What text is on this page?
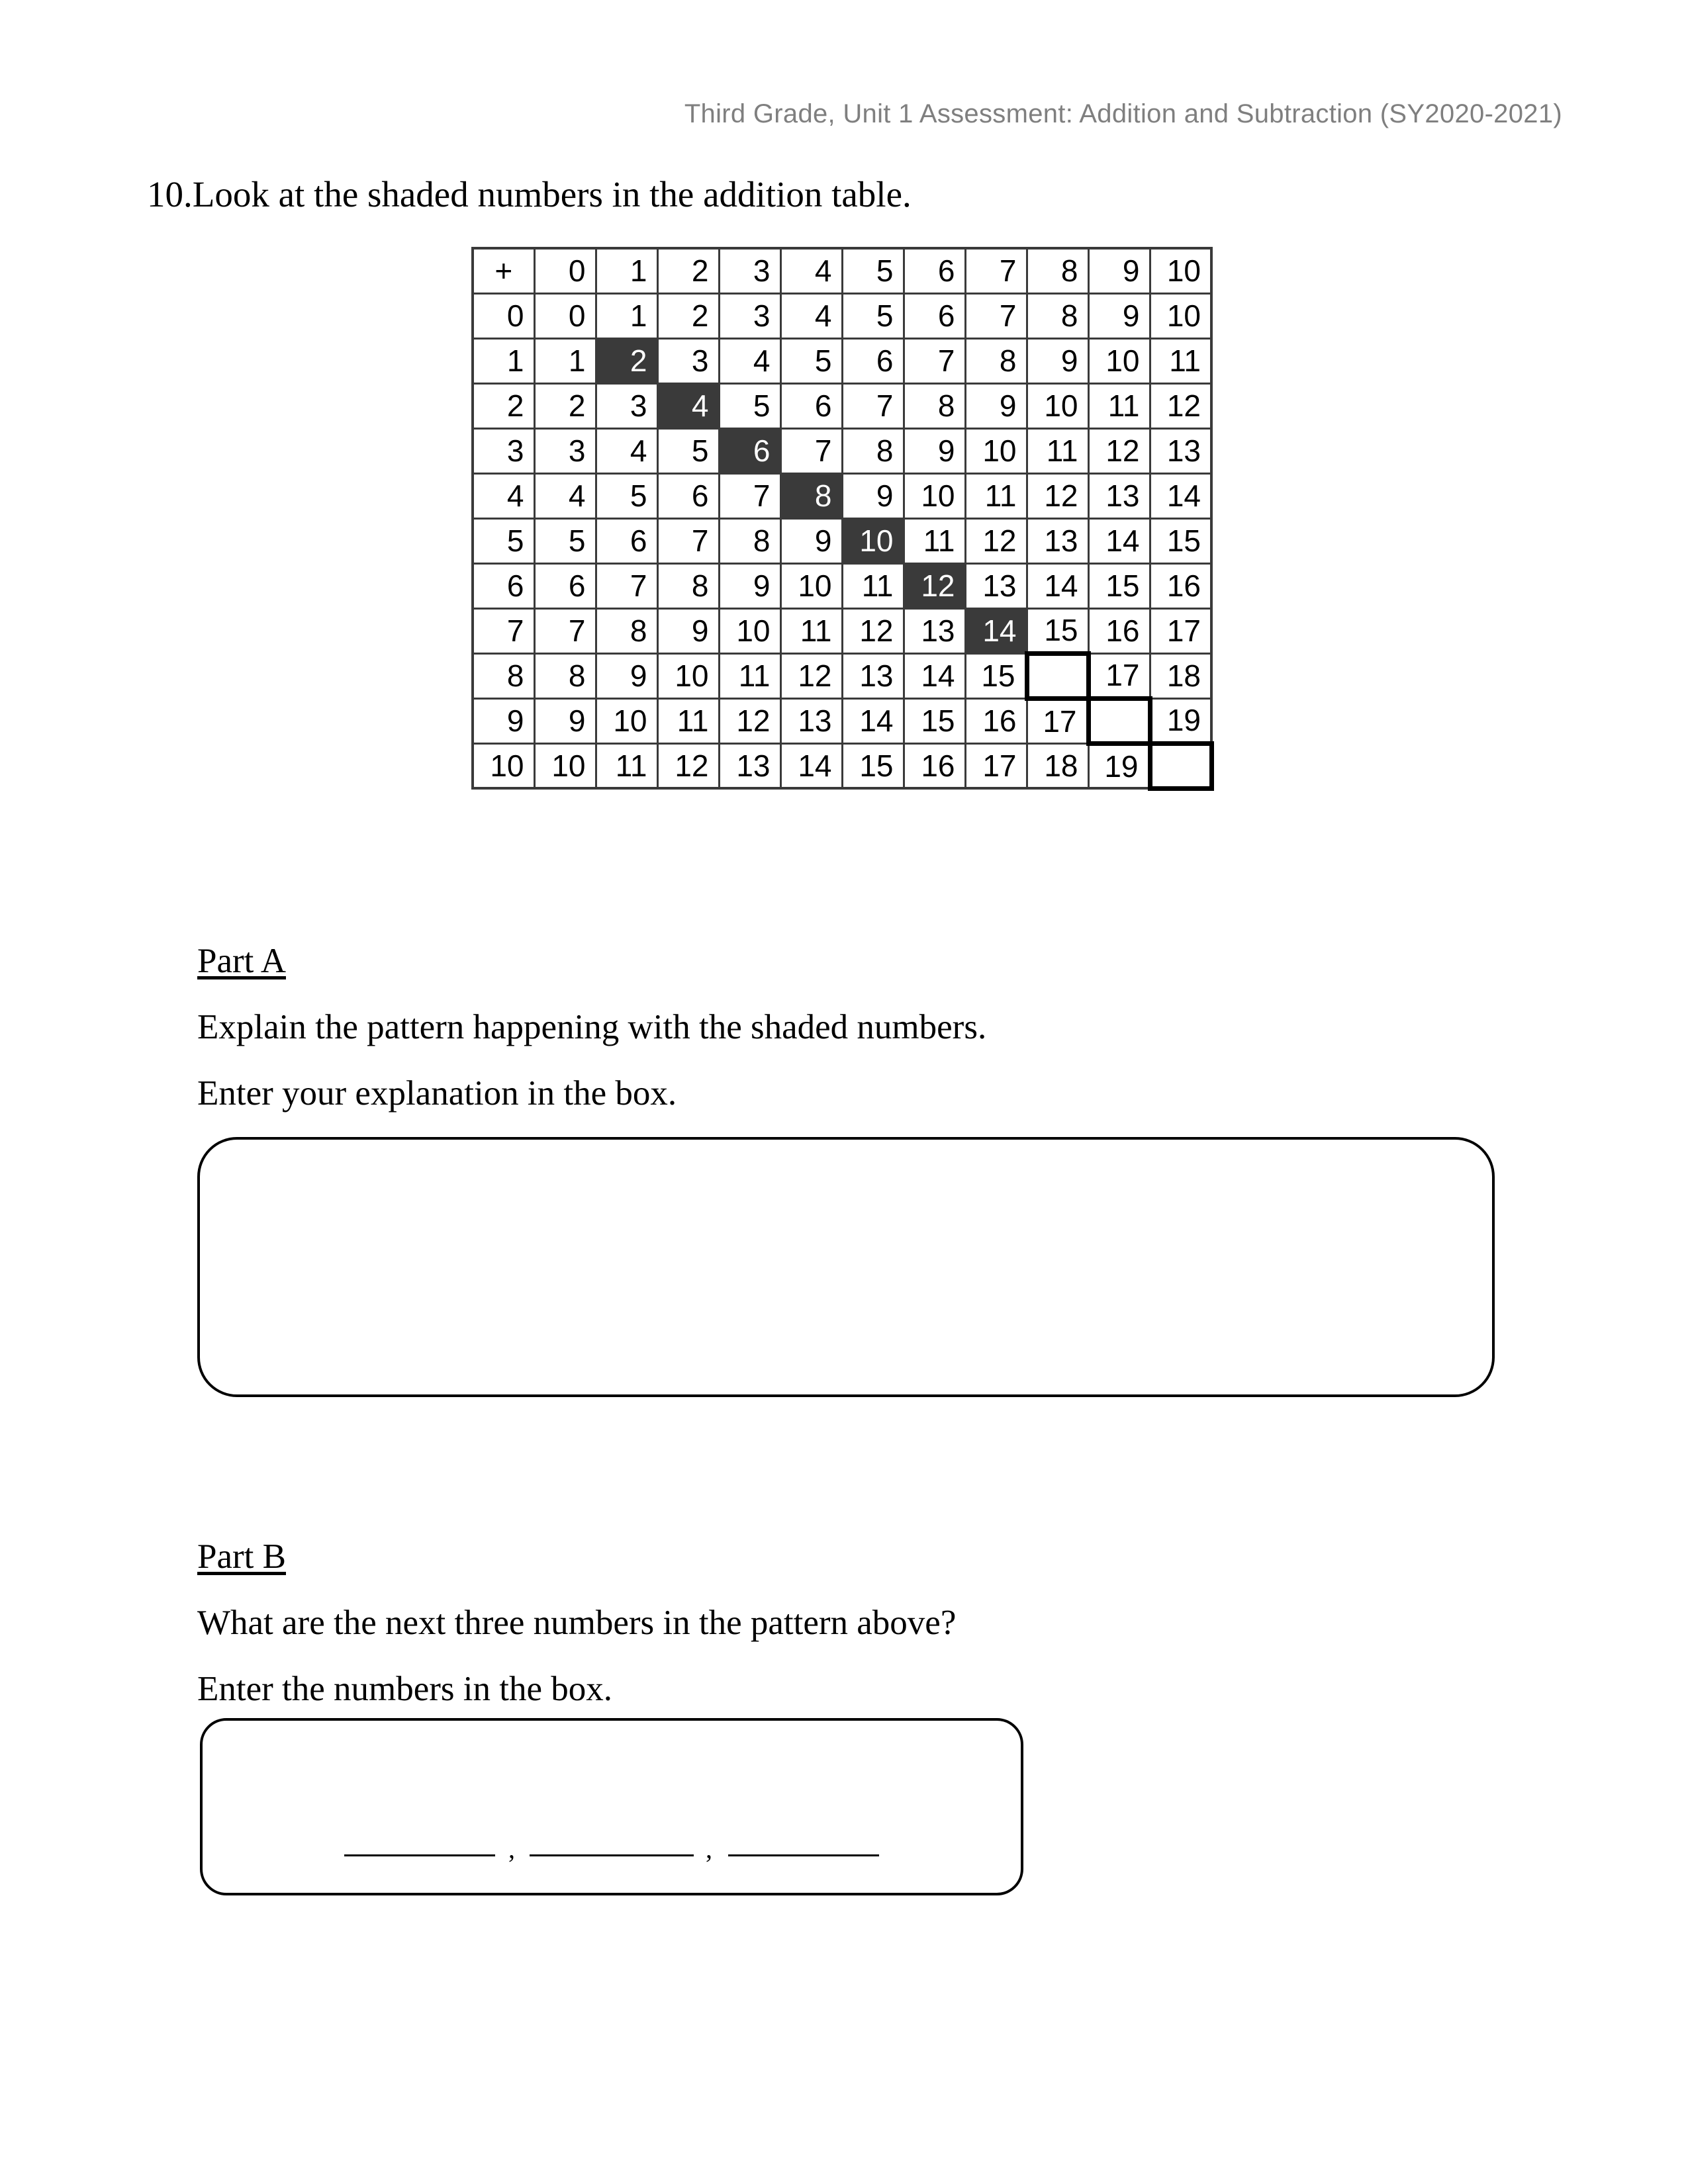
Third Grade, Unit 1 Assessment: Addition and Subtraction (SY2020-2021)
10.Look at the shaded numbers in the addition table.
+	0	1	2	3	4	5	6	7	8	9	10
0	0	1	2	3	4	5	6	7	8	9	10
1	1	2	3	4	5	6	7	8	9	10	11
2	2	3	4	5	6	7	8	9	10	11	12
3	3	4	5	6	7	8	9	10	11	12	13
4	4	5	6	7	8	9	10	11	12	13	14
5	5	6	7	8	9	10	11	12	13	14	15
6	6	7	8	9	10	11	12	13	14	15	16
7	7	8	9	10	11	12	13	14	15	16	17
8	8	9	10	11	12	13	14	15		17	18
9	9	10	11	12	13	14	15	16	17		19
10	10	11	12	13	14	15	16	17	18	19	
Part A
Explain the pattern happening with the shaded numbers.
Enter your explanation in the box.
Part B
What are the next three numbers in the pattern above?
Enter the numbers in the box.
,	,
